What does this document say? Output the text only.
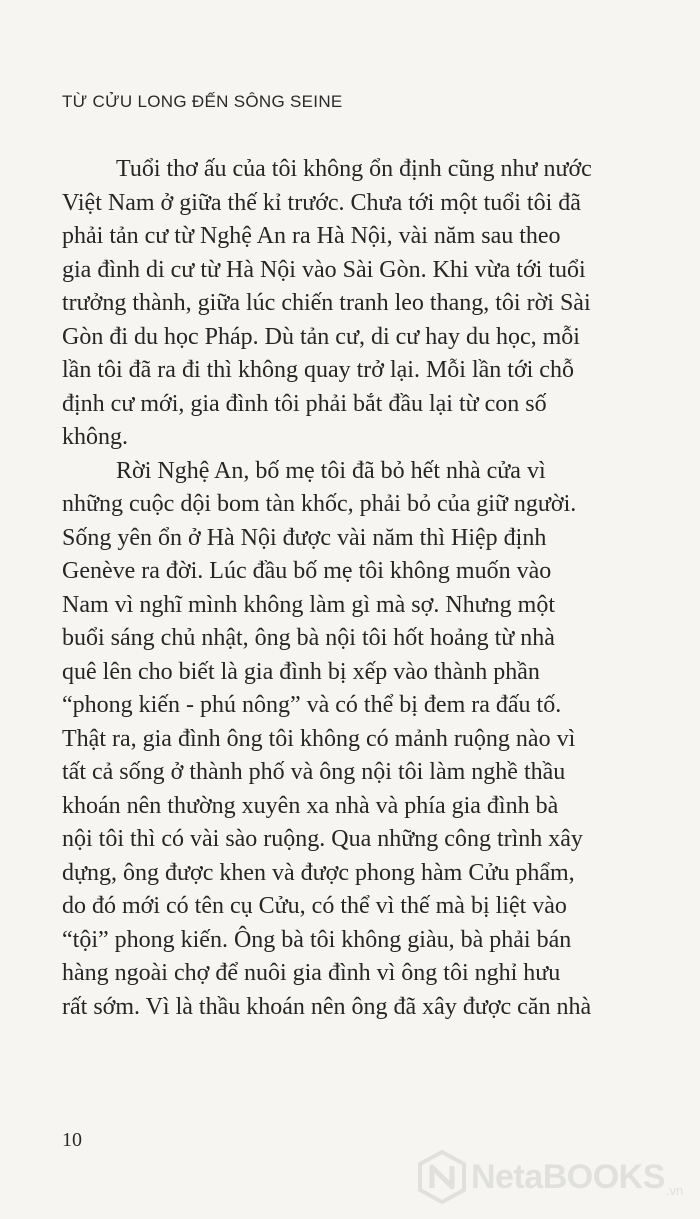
TỪ CỬU LONG ĐẾN SÔNG SEINE
Tuổi thơ ấu của tôi không ổn định cũng như nước
Việt Nam ở giữa thế kỉ trước. Chưa tới một tuổi tôi đã
phải tản cư từ Nghệ An ra Hà Nội, vài năm sau theo
gia đình di cư từ Hà Nội vào Sài Gòn. Khi vừa tới tuổi
trưởng thành, giữa lúc chiến tranh leo thang, tôi rời Sài
Gòn đi du học Pháp. Dù tản cư, di cư hay du học, mỗi
lần tôi đã ra đi thì không quay trở lại. Mỗi lần tới chỗ
định cư mới, gia đình tôi phải bắt đầu lại từ con số
không.
Rời Nghệ An, bố mẹ tôi đã bỏ hết nhà cửa vì
những cuộc dội bom tàn khốc, phải bỏ của giữ người.
Sống yên ổn ở Hà Nội được vài năm thì Hiệp định
Genève ra đời. Lúc đầu bố mẹ tôi không muốn vào
Nam vì nghĩ mình không làm gì mà sợ. Nhưng một
buổi sáng chủ nhật, ông bà nội tôi hốt hoảng từ nhà
quê lên cho biết là gia đình bị xếp vào thành phần
“phong kiến - phú nông” và có thể bị đem ra đấu tố.
Thật ra, gia đình ông tôi không có mảnh ruộng nào vì
tất cả sống ở thành phố và ông nội tôi làm nghề thầu
khoán nên thường xuyên xa nhà và phía gia đình bà
nội tôi thì có vài sào ruộng. Qua những công trình xây
dựng, ông được khen và được phong hàm Cửu phẩm,
do đó mới có tên cụ Cửu, có thể vì thế mà bị liệt vào
“tội” phong kiến. Ông bà tôi không giàu, bà phải bán
hàng ngoài chợ để nuôi gia đình vì ông tôi nghỉ hưu
rất sớm. Vì là thầu khoán nên ông đã xây được căn nhà
10
NetaBOOKS .vn
